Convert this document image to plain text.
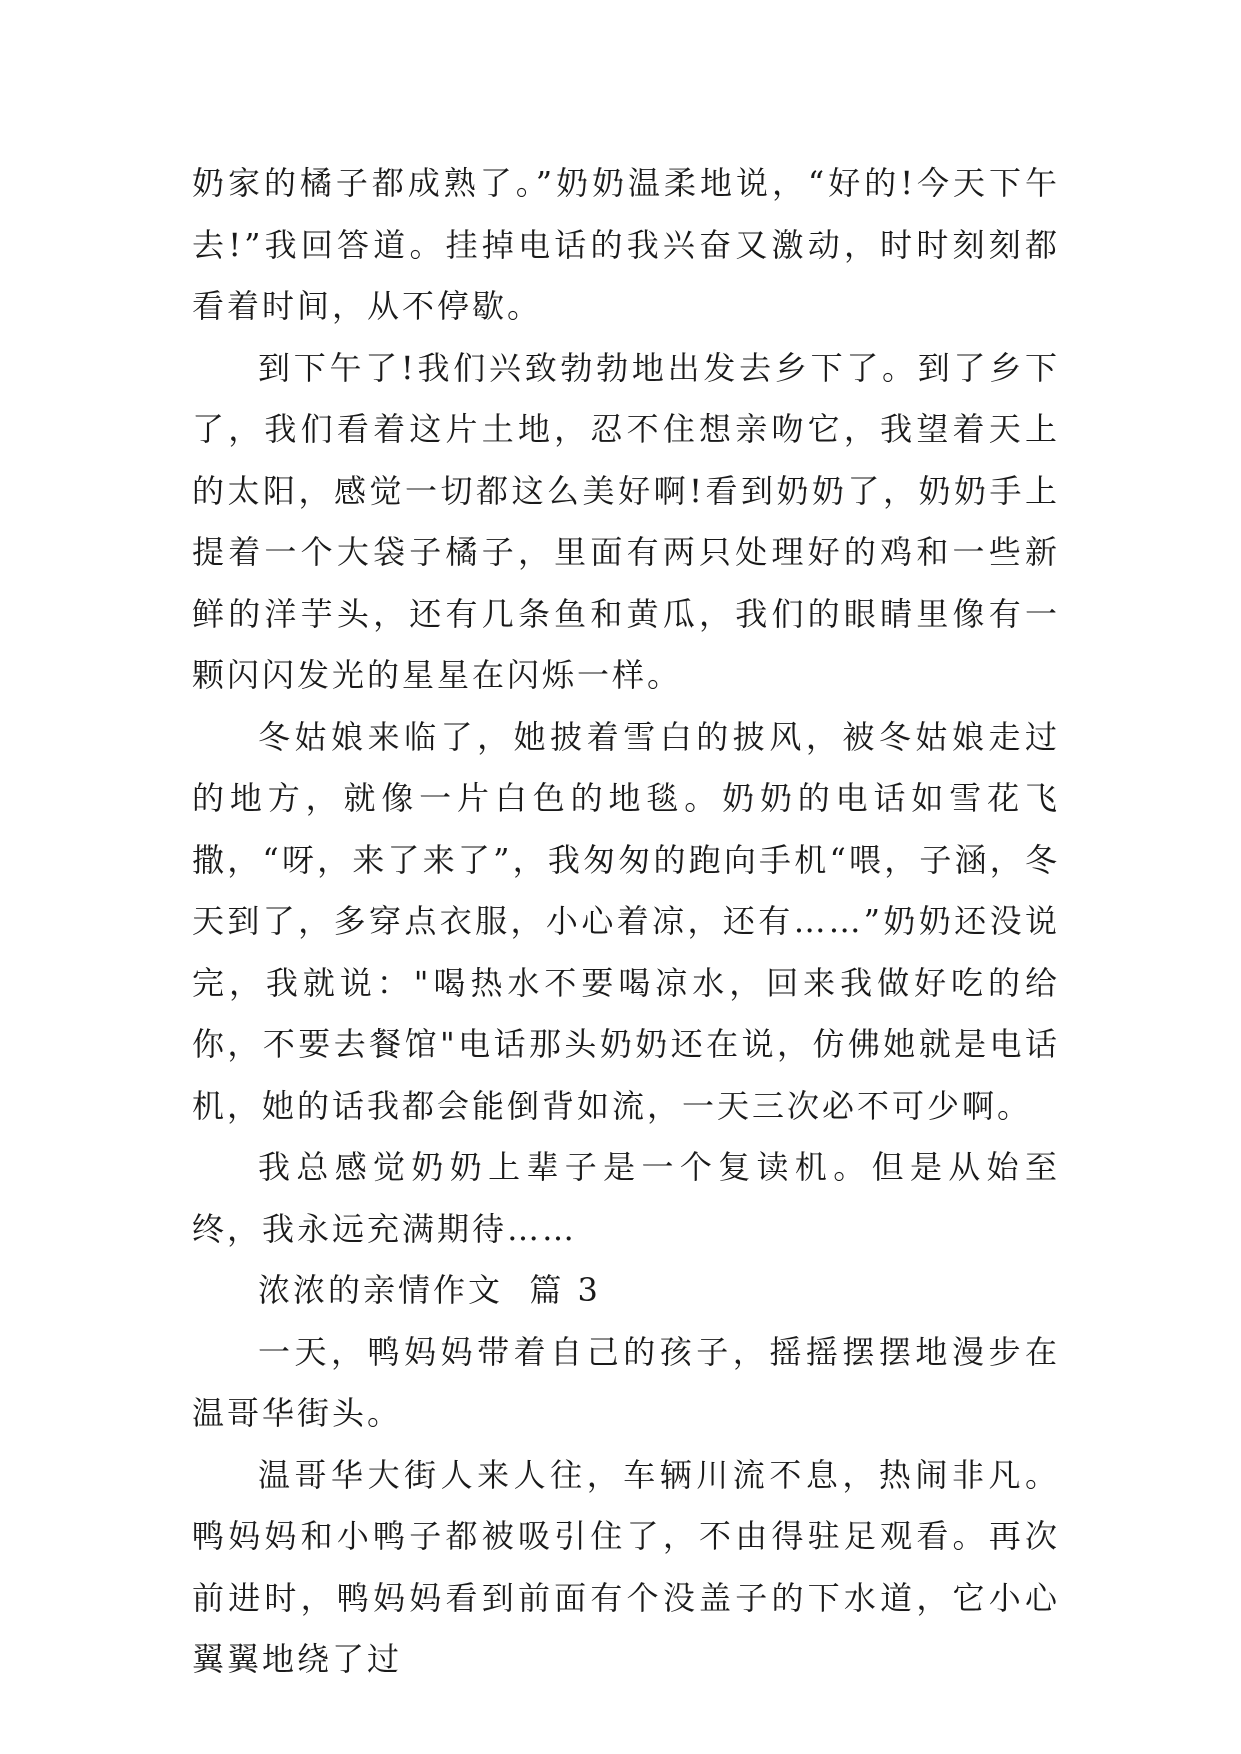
奶家的橘子都成熟了。”奶奶温柔地说，“好的!今天下午去!”我回答道。挂掉电话的我兴奋又激动，时时刻刻都看着时间，从不停歇。

到下午了!我们兴致勃勃地出发去乡下了。到了乡下了，我们看着这片土地，忍不住想亲吻它，我望着天上的太阳，感觉一切都这么美好啊!看到奶奶了，奶奶手上提着一个大袋子橘子，里面有两只处理好的鸡和一些新鲜的洋芋头，还有几条鱼和黄瓜，我们的眼睛里像有一颗闪闪发光的星星在闪烁一样。

冬姑娘来临了，她披着雪白的披风，被冬姑娘走过的地方，就像一片白色的地毯。奶奶的电话如雪花飞撒，“呀，来了来了”，我匆匆的跑向手机“喂，子涵，冬天到了，多穿点衣服，小心着凉，还有……”奶奶还没说完，我就说："喝热水不要喝凉水，回来我做好吃的给你，不要去餐馆"电话那头奶奶还在说，仿佛她就是电话机，她的话我都会能倒背如流，一天三次必不可少啊。

我总感觉奶奶上辈子是一个复读机。但是从始至终，我永远充满期待……

浓浓的亲情作文  篇 3

一天，鸭妈妈带着自己的孩子，摇摇摆摆地漫步在温哥华街头。

温哥华大街人来人往，车辆川流不息，热闹非凡。鸭妈妈和小鸭子都被吸引住了，不由得驻足观看。再次前进时，鸭妈妈看到前面有个没盖子的下水道，它小心翼翼地绕了过
